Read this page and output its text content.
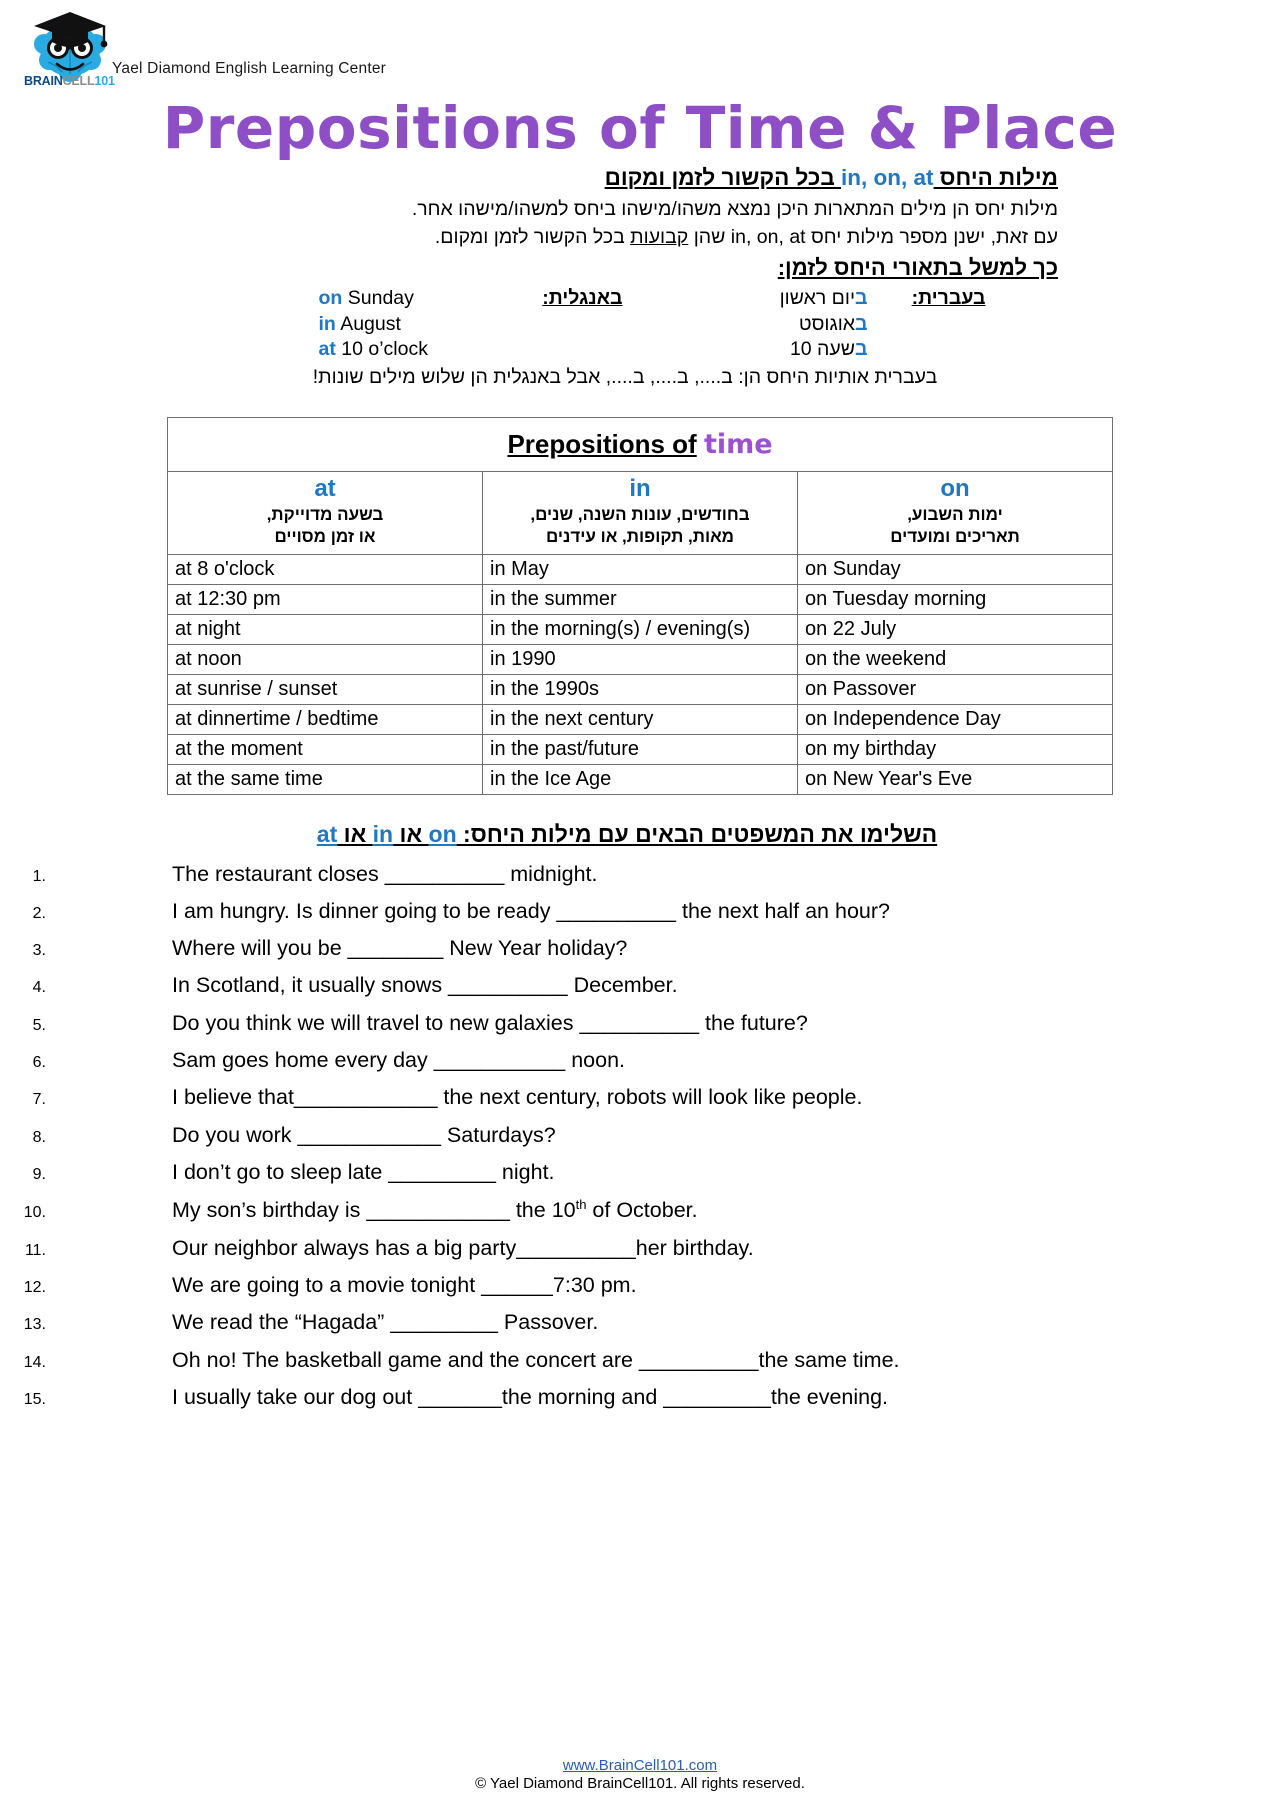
BRAINCELL101
Yael Diamond English Learning Center
Prepositions of Time & Place
מילות היחס in, on, at בכל הקשור לזמן ומקום
מילות יחס הן מילים המתארות היכן נמצא משהו/מישהו ביחס למשהו/מישהו אחר.
עם זאת, ישנן מספר מילות יחס in, on, at שהן קבועות בכל הקשור לזמן ומקום.
כך למשל בתאורי היחס לזמן:
בעברית:	ביום ראשון	באנגלית:	on Sunday
	באוגוסט		in August
	בשעה 10		at 10 o’clock
בעברית אותיות היחס הן: ב...., ב...., ב...., אבל באנגלית הן שלוש מילים שונות!
Prepositions of time		

at
בשעה מדוייקת,
או זמן מסויים

in
בחודשים, עונות השנה, שנים,
מאות, תקופות, או עידנים

on
ימות השבוע,
תאריכים ומועדים

at 8 o'clock	in May	on Sunday
at 12:30 pm	in the summer	on Tuesday morning
at night	in the morning(s) / evening(s)	on 22 July
at noon	in 1990	on the weekend
at sunrise / sunset	in the 1990s	on Passover
at dinnertime / bedtime	in the next century	on Independence Day
at the moment	in the past/future	on my birthday
at the same time	in the Ice Age	on New Year's Eve
השלימו את המשפטים הבאים עם מילות היחס: on או in או at
1.	The restaurant closes __________ midnight.
2.	I am hungry. Is dinner going to be ready __________ the next half an hour?
3.	Where will you be ________ New Year holiday?
4.	In Scotland, it usually snows __________ December.
5.	Do you think we will travel to new galaxies __________ the future?
6.	Sam goes home every day ___________ noon.
7.	I believe that____________ the next century, robots will look like people.
8.	Do you work ____________ Saturdays?
9.	I don’t go to sleep late _________ night.
10.	My son’s birthday is ____________ the 10th of October.
11.	Our neighbor always has a big party__________her birthday.
12.	We are going to a movie tonight ______7:30 pm.
13.	We read the “Hagada” _________ Passover.
14.	Oh no! The basketball game and the concert are __________the same time.
15.	I usually take our dog out _______the morning and _________the evening.
www.BrainCell101.com
© Yael Diamond BrainCell101. All rights reserved.
